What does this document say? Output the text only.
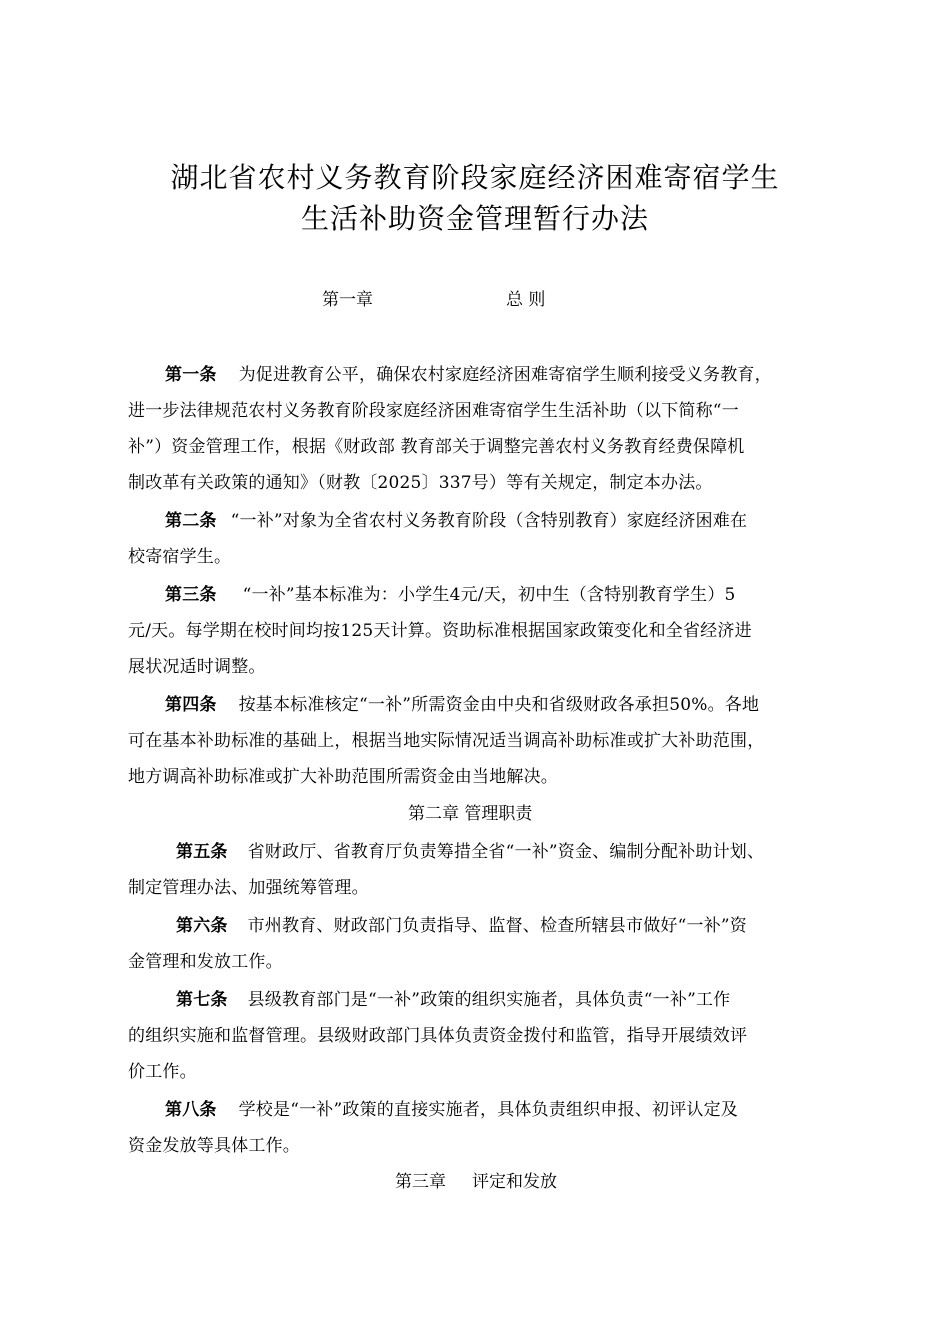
湖北省农村义务教育阶段家庭经济困难寄宿学生
生活补助资金管理暂行办法
第一章	总 则
第一条 为促进教育公平，确保农村家庭经济困难寄宿学生顺利接受义务教育，
进一步法律规范农村义务教育阶段家庭经济困难寄宿学生生活补助（以下简称“一
补”）资金管理工作，根据《财政部 教育部关于调整完善农村义务教育经费保障机
制改革有关政策的通知》（财教〔2025〕337号）等有关规定，制定本办法。
第二条 “一补”对象为全省农村义务教育阶段（含特别教育）家庭经济困难在
校寄宿学生。
第三条 “一补”基本标准为：小学生4元/天，初中生（含特别教育学生）5
元/天。每学期在校时间均按125天计算。资助标准根据国家政策变化和全省经济进
展状况适时调整。
第四条 按基本标准核定“一补”所需资金由中央和省级财政各承担50%。各地
可在基本补助标准的基础上，根据当地实际情况适当调高补助标准或扩大补助范围，
地方调高补助标准或扩大补助范围所需资金由当地解决。
第二章 管理职责
第五条 省财政厅、省教育厅负责筹措全省“一补”资金、编制分配补助计划、
制定管理办法、加强统筹管理。
第六条 市州教育、财政部门负责指导、监督、检查所辖县市做好“一补”资
金管理和发放工作。
第七条 县级教育部门是“一补”政策的组织实施者，具体负责“一补”工作
的组织实施和监督管理。县级财政部门具体负责资金拨付和监管，指导开展绩效评
价工作。
第八条 学校是“一补”政策的直接实施者，具体负责组织申报、初评认定及
资金发放等具体工作。
第三章 评定和发放
